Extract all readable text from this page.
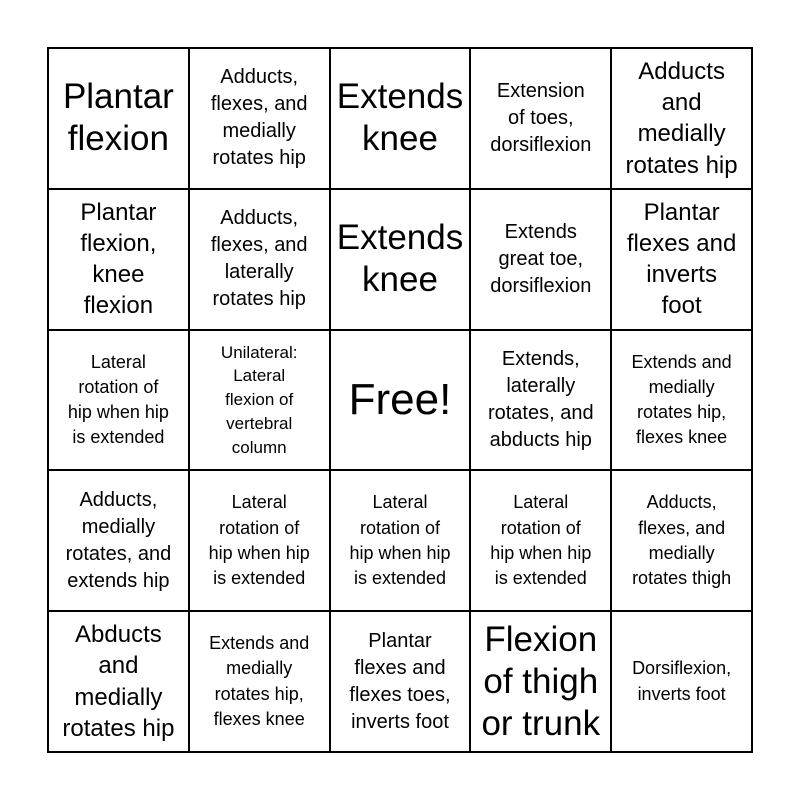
Plantar
flexion
Adducts,
flexes, and
medially
rotates hip
Extends
knee
Extension
of toes,
dorsiflexion
Adducts
and
medially
rotates hip
Plantar
flexion,
knee
flexion
Adducts,
flexes, and
laterally
rotates hip
Extends
knee
Extends
great toe,
dorsiflexion
Plantar
flexes and
inverts
foot
Lateral
rotation of
hip when hip
is extended
Unilateral:
Lateral
flexion of
vertebral
column
Free!
Extends,
laterally
rotates, and
abducts hip
Extends and
medially
rotates hip,
flexes knee
Adducts,
medially
rotates, and
extends hip
Lateral
rotation of
hip when hip
is extended
Lateral
rotation of
hip when hip
is extended
Lateral
rotation of
hip when hip
is extended
Adducts,
flexes, and
medially
rotates thigh
Abducts
and
medially
rotates hip
Extends and
medially
rotates hip,
flexes knee
Plantar
flexes and
flexes toes,
inverts foot
Flexion
of thigh
or trunk
Dorsiflexion,
inverts foot
